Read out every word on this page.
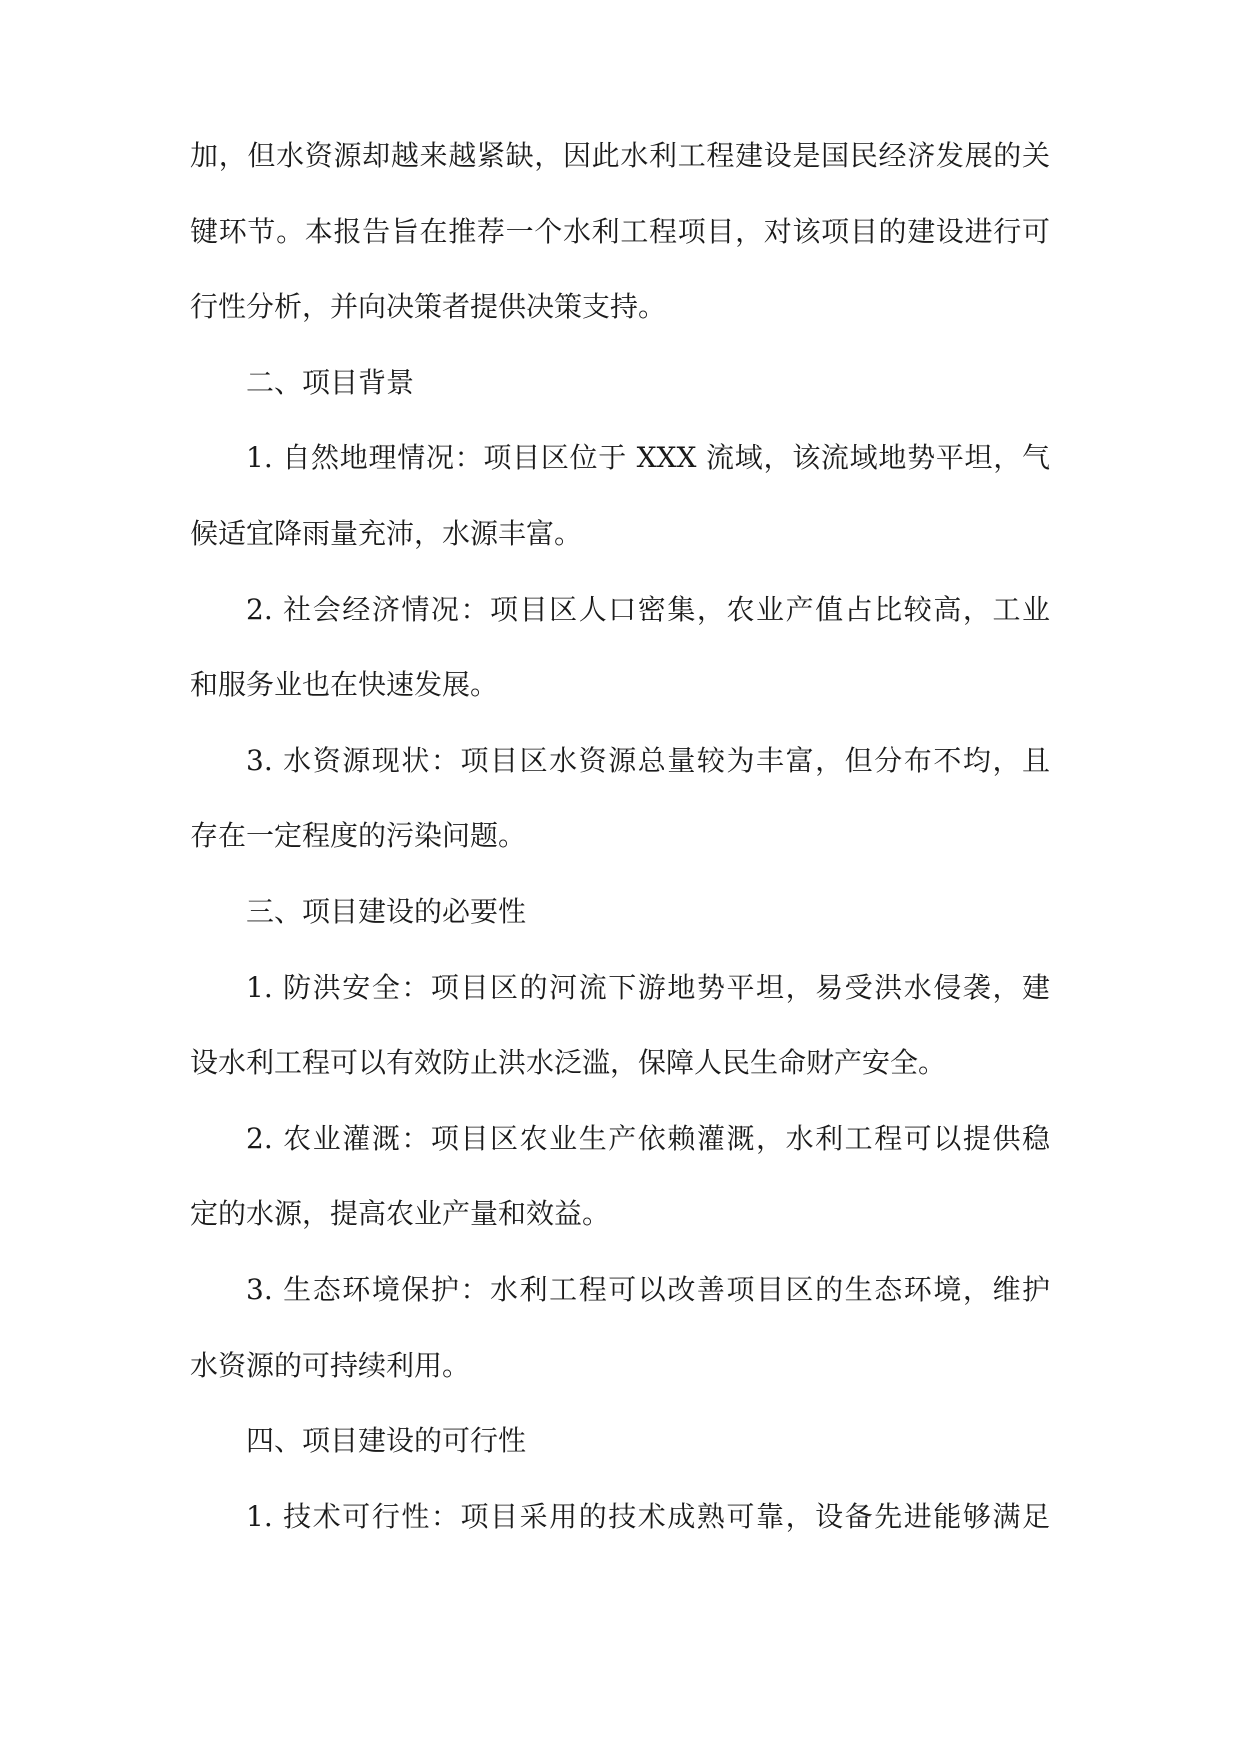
加，但水资源却越来越紧缺，因此水利工程建设是国民经济发展的关

键环节。本报告旨在推荐一个水利工程项目，对该项目的建设进行可

行性分析，并向决策者提供决策支持。

二、项目背景

1. 自然地理情况：项目区位于 XXX 流域，该流域地势平坦，气

候适宜降雨量充沛，水源丰富。

2. 社会经济情况：项目区人口密集，农业产值占比较高，工业

和服务业也在快速发展。

3. 水资源现状：项目区水资源总量较为丰富，但分布不均，且

存在一定程度的污染问题。

三、项目建设的必要性

1. 防洪安全：项目区的河流下游地势平坦，易受洪水侵袭，建

设水利工程可以有效防止洪水泛滥，保障人民生命财产安全。

2. 农业灌溉：项目区农业生产依赖灌溉，水利工程可以提供稳

定的水源，提高农业产量和效益。

3. 生态环境保护：水利工程可以改善项目区的生态环境，维护

水资源的可持续利用。

四、项目建设的可行性

1. 技术可行性：项目采用的技术成熟可靠，设备先进能够满足
